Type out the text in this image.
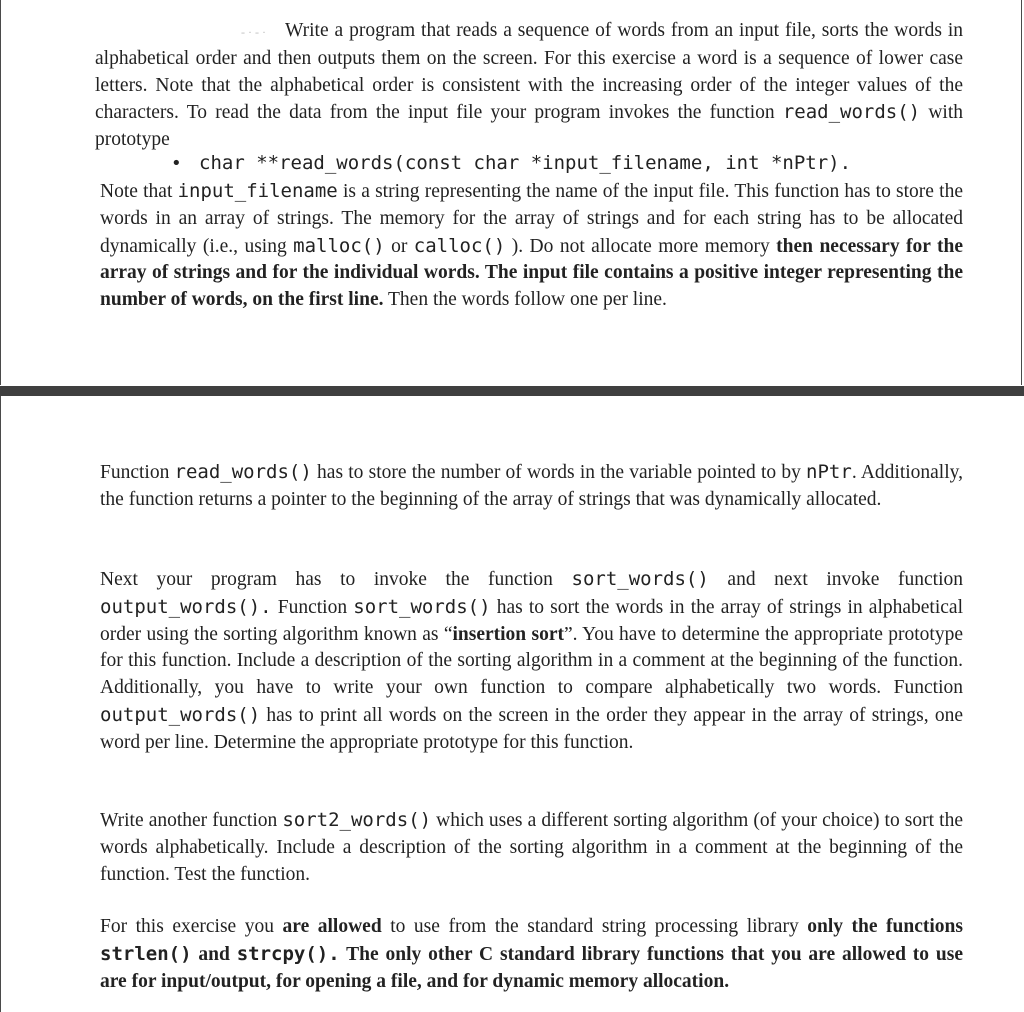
- · - · Write a program that reads a sequence of words from an input file, sorts the words in alphabetical order and then outputs them on the screen. For this exercise a word is a sequence of lower case letters. Note that the alphabetical order is consistent with the increasing order of the integer values of the characters. To read the data from the input file your program invokes the function read_words() with prototype

• char **read_words(const char *input_filename, int *nPtr).

Note that input_filename is a string representing the name of the input file. This function has to store the words in an array of strings. The memory for the array of strings and for each string has to be allocated dynamically (i.e., using malloc() or calloc() ). Do not allocate more memory then necessary for the array of strings and for the individual words. The input file contains a positive integer representing the number of words, on the first line. Then the words follow one per line.

Function read_words() has to store the number of words in the variable pointed to by nPtr. Additionally, the function returns a pointer to the beginning of the array of strings that was dynamically allocated.

Next your program has to invoke the function sort_words() and next invoke function output_words(). Function sort_words() has to sort the words in the array of strings in alphabetical order using the sorting algorithm known as “insertion sort”. You have to determine the appropriate prototype for this function. Include a description of the sorting algorithm in a comment at the beginning of the function. Additionally, you have to write your own function to compare alphabetically two words. Function output_words() has to print all words on the screen in the order they appear in the array of strings, one word per line. Determine the appropriate prototype for this function.

Write another function sort2_words() which uses a different sorting algorithm (of your choice) to sort the words alphabetically. Include a description of the sorting algorithm in a comment at the beginning of the function. Test the function.

For this exercise you are allowed to use from the standard string processing library only the functions strlen() and strcpy(). The only other C standard library functions that you are allowed to use are for input/output, for opening a file, and for dynamic memory allocation.
